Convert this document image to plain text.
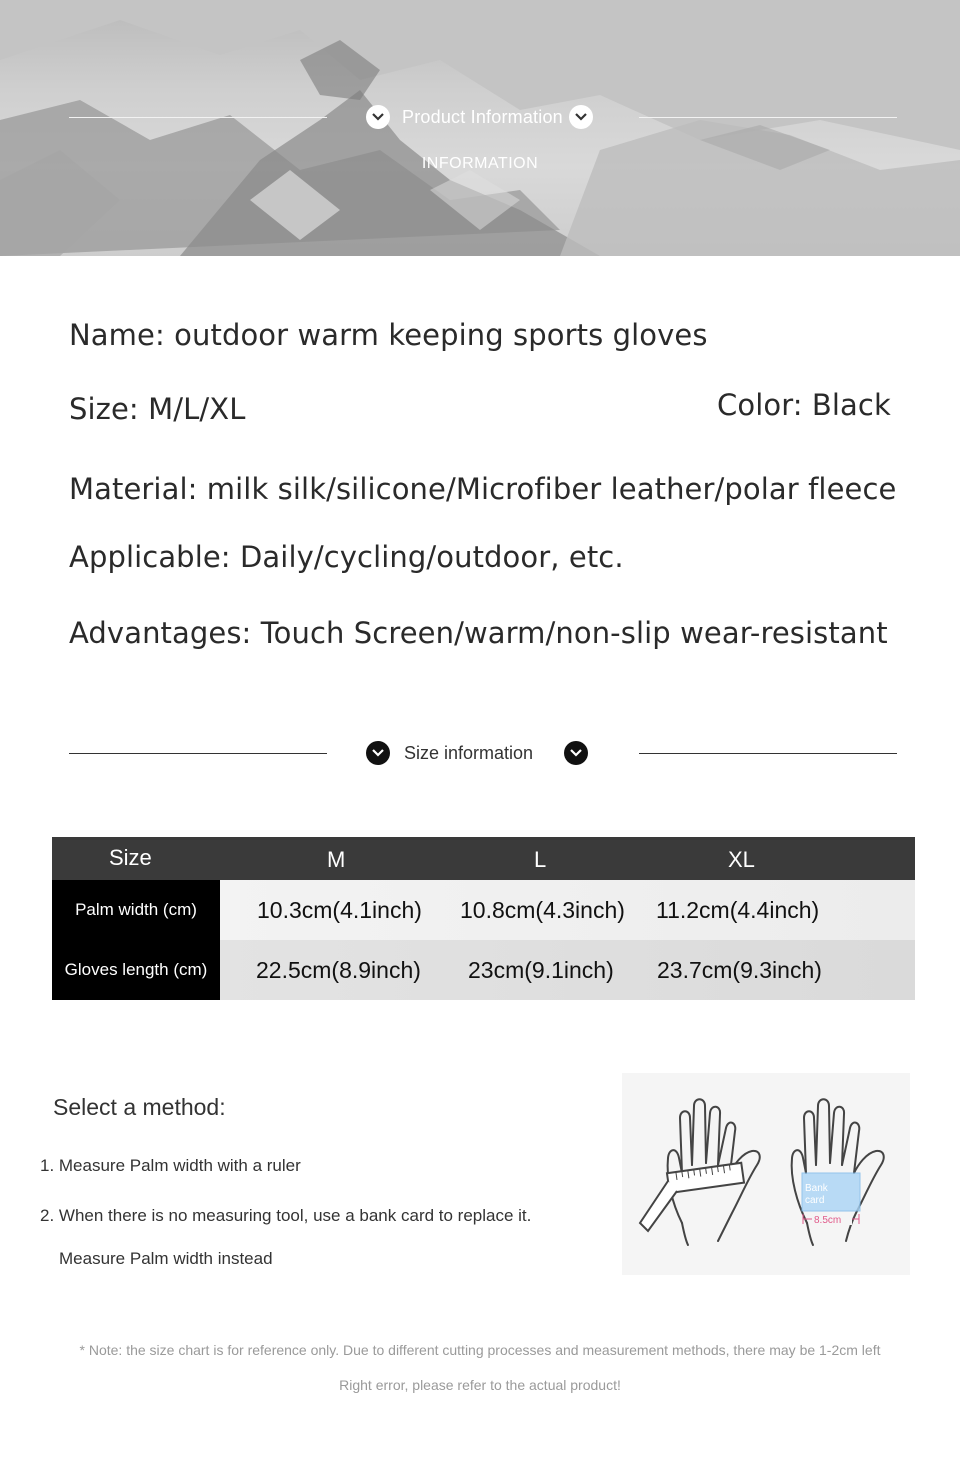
Product Information
INFORMATION
Name: outdoor warm keeping sports gloves
Size: M/L/XL	Color: Black
Material: milk silk/silicone/Microfiber leather/polar fleece
Applicable: Daily/cycling/outdoor, etc.
Advantages: Touch Screen/warm/non-slip wear-resistant
Size information
Size	M	L	XL
Palm width (cm)	10.3cm(4.1inch) 10.8cm(4.3inch) 11.2cm(4.4inch)
Gloves length (cm)	22.5cm(8.9inch) 23cm(9.1inch) 23.7cm(9.3inch)
Select a method:
1. Measure Palm width with a ruler
2. When there is no measuring tool, use a bank card to replace it.
Measure Palm width instead
Bank
card
8.5cm
* Note: the size chart is for reference only. Due to different cutting processes and measurement methods, there may be 1-2cm left
Right error, please refer to the actual product!
